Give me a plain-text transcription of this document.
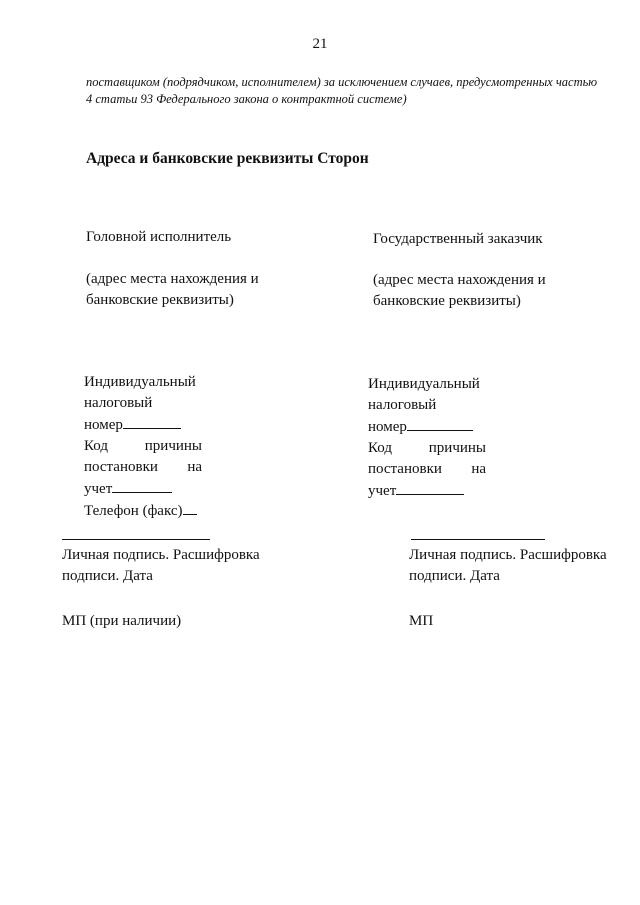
21
поставщиком (подрядчиком, исполнителем) за исключением случаев, предусмотренных частью
4 статьи 93 Федерального закона о контрактной системе)
Адреса и банковские реквизиты Сторон
Головной исполнитель
(адрес места нахождения и
банковские реквизиты)
Индивидуальный
налоговый
номер
Код причины
постановки на
учет
Телефон (факс)
Личная подпись. Расшифровка
подписи. Дата
МП (при наличии)
Государственный заказчик
(адрес места нахождения и
банковские реквизиты)
Индивидуальный
налоговый
номер
Код причины
постановки на
учет
Личная подпись. Расшифровка
подписи. Дата
МП
